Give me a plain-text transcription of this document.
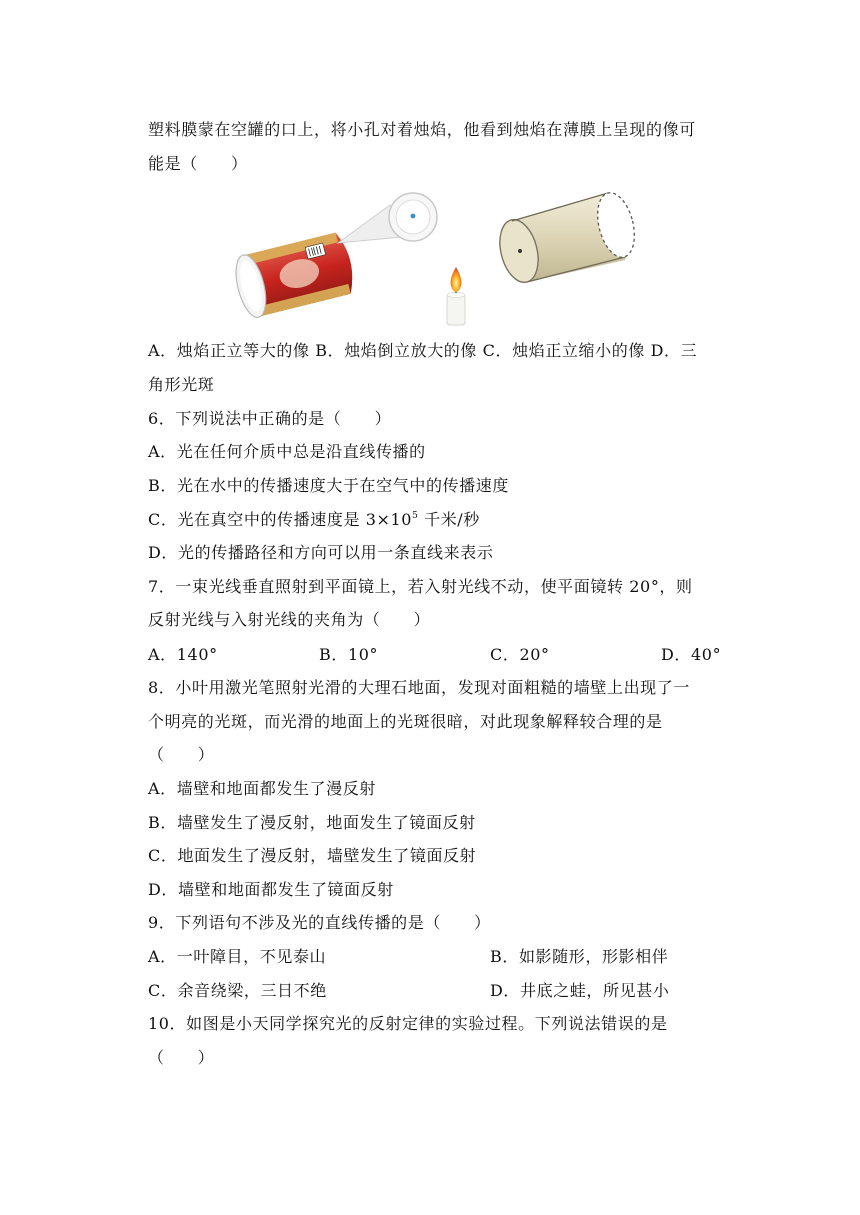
塑料膜蒙在空罐的口上，将小孔对着烛焰，他看到烛焰在薄膜上呈现的像可
能是（　　）
A．烛焰正立等大的像 B．烛焰倒立放大的像 C．烛焰正立缩小的像 D．三
角形光斑
6．下列说法中正确的是（　　）
A．光在任何介质中总是沿直线传播的
B．光在水中的传播速度大于在空气中的传播速度
C．光在真空中的传播速度是 $3\times 10^5$ 千米/秒
D．光的传播路径和方向可以用一条直线来表示
7．一束光线垂直照射到平面镜上，若入射光线不动，使平面镜转 20°，则
反射光线与入射光线的夹角为（　　）
A．140°	B．10°	C．20°	D．40°
8．小叶用激光笔照射光滑的大理石地面，发现对面粗糙的墙壁上出现了一
个明亮的光斑，而光滑的地面上的光斑很暗，对此现象解释较合理的是
（　　）
A．墙壁和地面都发生了漫反射
B．墙壁发生了漫反射，地面发生了镜面反射
C．地面发生了漫反射，墙壁发生了镜面反射
D．墙壁和地面都发生了镜面反射
9．下列语句不涉及光的直线传播的是（　　）
A．一叶障目，不见泰山	B．如影随形，形影相伴
C．余音绕梁，三日不绝	D．井底之蛙，所见甚小
10．如图是小天同学探究光的反射定律的实验过程。下列说法错误的是
（　　）
